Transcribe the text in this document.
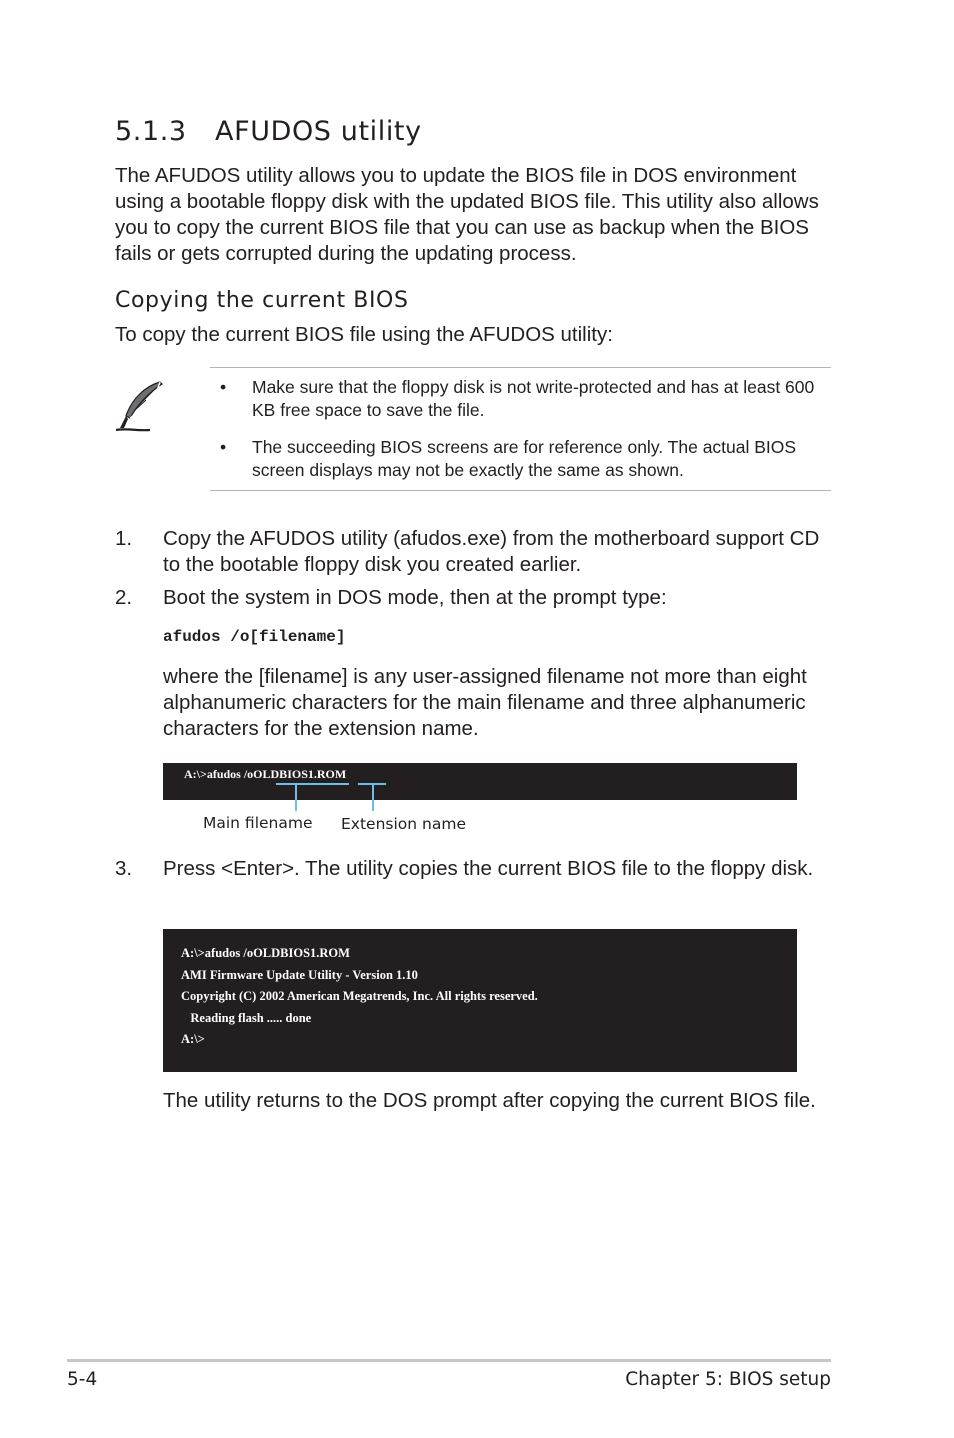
5.1.3 AFUDOS utility

The AFUDOS utility allows you to update the BIOS file in DOS environment using a bootable floppy disk with the updated BIOS file. This utility also allows you to copy the current BIOS file that you can use as backup when the BIOS fails or gets corrupted during the updating process.

Copying the current BIOS

To copy the current BIOS file using the AFUDOS utility:

• Make sure that the floppy disk is not write-protected and has at least 600 KB free space to save the file.
• The succeeding BIOS screens are for reference only. The actual BIOS screen displays may not be exactly the same as shown.
1. Copy the AFUDOS utility (afudos.exe) from the motherboard support CD to the bootable floppy disk you created earlier.
2. Boot the system in DOS mode, then at the prompt type:
afudos /o[filename]

where the [filename] is any user-assigned filename not more than eight alphanumeric characters for the main filename and three alphanumeric characters for the extension name.

A:\>afudos /oOLDBIOS1.ROM
Main filename Extension name
3. Press <Enter>. The utility copies the current BIOS file to the floppy disk.
A:\>afudos /oOLDBIOS1.ROM
AMI Firmware Update Utility - Version 1.10
Copyright (C) 2002 American Megatrends, Inc. All rights reserved.
Reading flash ..... done
A:\>

The utility returns to the DOS prompt after copying the current BIOS file.

5-4	Chapter 5: BIOS setup
